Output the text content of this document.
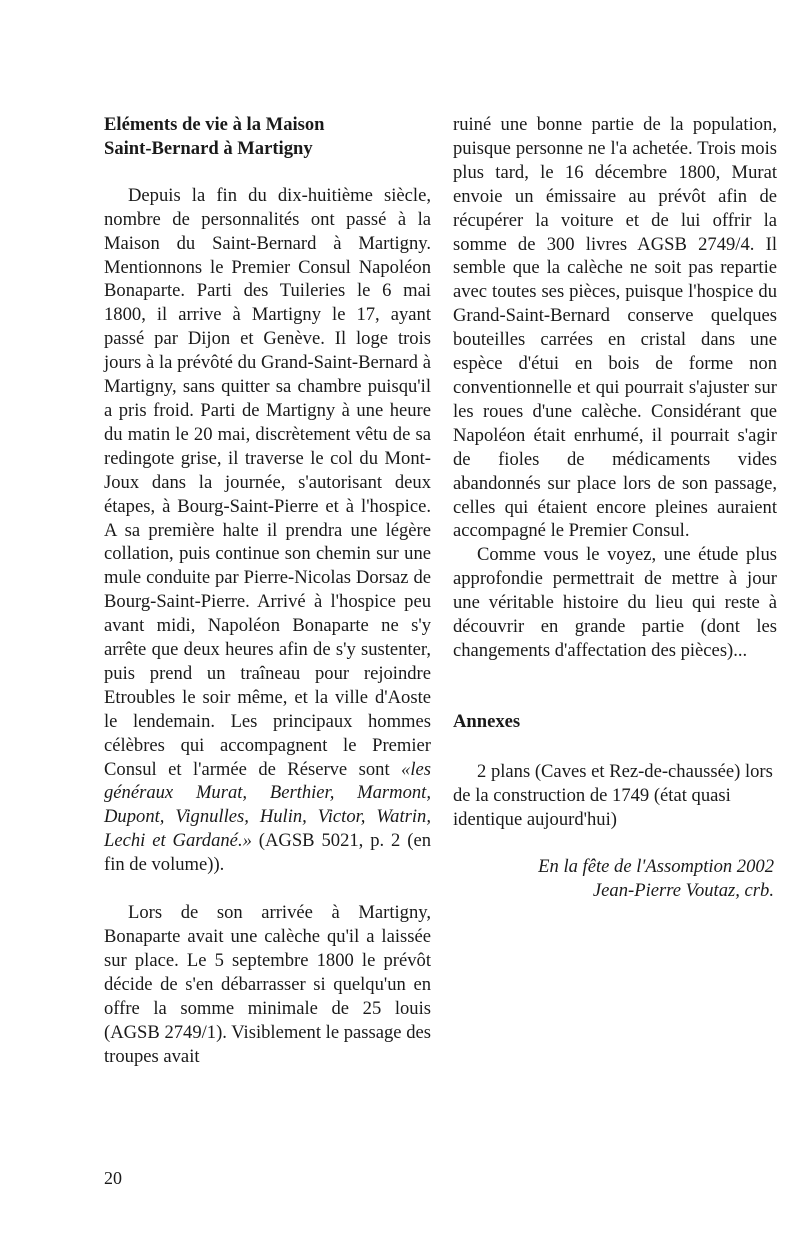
Eléments de vie à la Maison
Saint-Bernard à Martigny

Depuis la fin du dix-huitième siècle, nombre de personnalités ont passé à la Maison du Saint-Bernard à Martigny. Mentionnons le Premier Consul Napoléon Bonaparte. Parti des Tuileries le 6 mai 1800, il arrive à Martigny le 17, ayant passé par Dijon et Genève. Il loge trois jours à la prévôté du Grand-Saint-Bernard à Martigny, sans quitter sa chambre puisqu'il a pris froid. Parti de Martigny à une heure du matin le 20 mai, discrètement vêtu de sa redingote grise, il traverse le col du Mont-Joux dans la journée, s'autorisant deux étapes, à Bourg-Saint-Pierre et à l'hospice. A sa première halte il prendra une légère collation, puis continue son chemin sur une mule conduite par Pierre-Nicolas Dorsaz de Bourg-Saint-Pierre. Arrivé à l'hospice peu avant midi, Napoléon Bonaparte ne s'y arrête que deux heures afin de s'y sustenter, puis prend un traîneau pour rejoindre Etroubles le soir même, et la ville d'Aoste le lendemain. Les principaux hommes célèbres qui accompagnent le Premier Consul et l'armée de Réserve sont «les généraux Murat, Berthier, Marmont, Dupont, Vignulles, Hulin, Victor, Watrin, Lechi et Gardané.» (AGSB 5021, p. 2 (en fin de volume)).

Lors de son arrivée à Martigny, Bonaparte avait une calèche qu'il a laissée sur place. Le 5 septembre 1800 le prévôt décide de s'en débarrasser si quelqu'un en offre la somme minimale de 25 louis (AGSB 2749/1). Visiblement le passage des troupes avait

ruiné une bonne partie de la population, puisque personne ne l'a achetée. Trois mois plus tard, le 16 décembre 1800, Murat envoie un émissaire au prévôt afin de récupérer la voiture et de lui offrir la somme de 300 livres AGSB 2749/4. Il semble que la calèche ne soit pas repartie avec toutes ses pièces, puisque l'hospice du Grand-Saint-Bernard conserve quelques bouteilles carrées en cristal dans une espèce d'étui en bois de forme non conventionnelle et qui pourrait s'ajuster sur les roues d'une calèche. Considérant que Napoléon était enrhumé, il pourrait s'agir de fioles de médicaments vides abandonnés sur place lors de son passage, celles qui étaient encore pleines auraient accompagné le Premier Consul.

Comme vous le voyez, une étude plus approfondie permettrait de mettre à jour une véritable histoire du lieu qui reste à découvrir en grande partie (dont les changements d'affectation des pièces)...

Annexes

2 plans (Caves et Rez-de-chaussée) lors de la construction de 1749 (état quasi identique aujourd'hui)

En la fête de l'Assomption 2002
Jean-Pierre Voutaz, crb.
20
